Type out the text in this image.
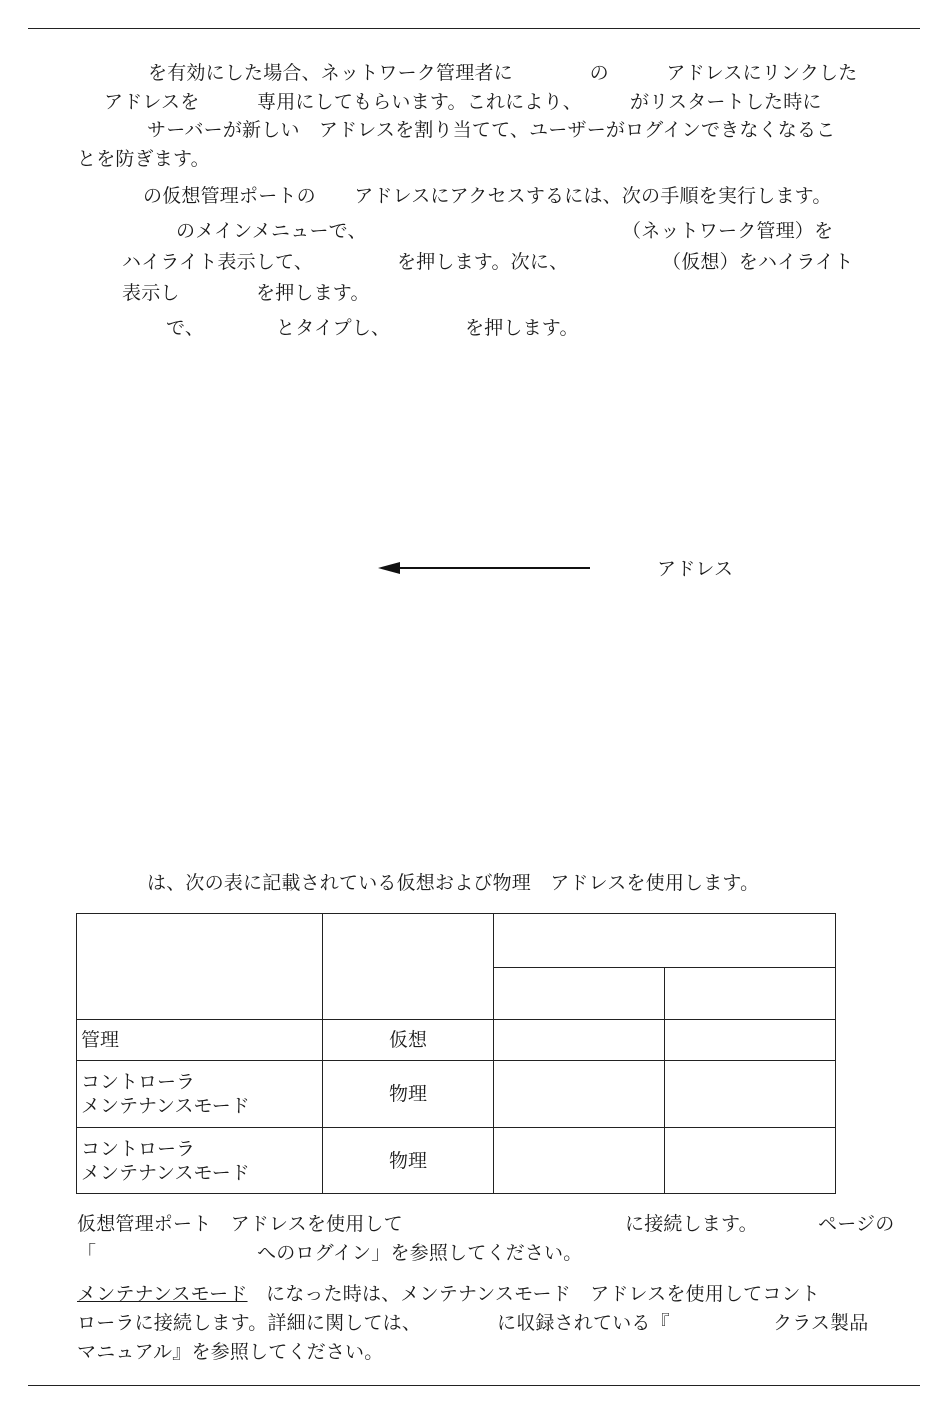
を有効にした場合、ネットワーク管理者に　　　　の　　　アドレスにリンクした
アドレスを　　　専用にしてもらいます。これにより、　　　がリスタートした時に
サーバーが新しい　アドレスを割り当てて、ユーザーがログインできなくなるこ
とを防ぎます。
の仮想管理ポートの　　アドレスにアクセスするには、次の手順を実行します。
のメインメニューで、	（ネットワーク管理）を
ハイライト表示して、	を押します。次に、	（仮想）をハイライト
表示し	を押します。
で、	とタイプし、	を押します。
アドレス
は、次の表に記載されている仮想および物理　アドレスを使用します。

管理	仮想		

コントローラ
メンテナンスモード	物理		

コントローラ
メンテナンスモード	物理		
仮想管理ポート　アドレスを使用して	に接続します。	ページの
「	へのログイン」を参照してください。
メンテナンスモード になった時は、メンテナンスモード　アドレスを使用してコント
ローラに接続します。詳細に関しては、	に収録されている『	クラス製品
マニュアル』を参照してください。
